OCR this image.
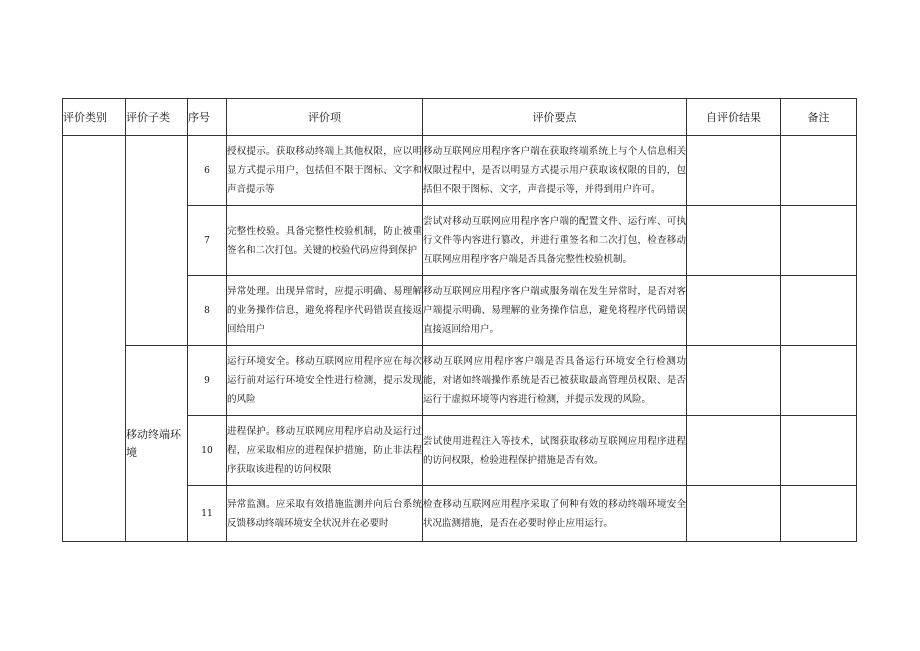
评价类别	评价子类	序号	评价项	评价要点	自评价结果	备注
		6	授权提示。获取移动终端上其他权限，应以明显方式提示用户，包括但不限于图标、文字和声音提示等	移动互联网应用程序客户端在获取终端系统上与个人信息相关权限过程中，是否以明显方式提示用户获取该权限的目的，包括但不限于图标、文字，声音提示等，并得到用户许可。		
		7	完整性校验。具备完整性校验机制，防止被重签名和二次打包。关键的校验代码应得到保护	尝试对移动互联网应用程序客户端的配置文件、运行库、可执行文件等内容进行篡改，并进行重签名和二次打包，检查移动互联网应用程序客户端是否具备完整性校验机制。		
		8	异常处理。出现异常时，应提示明确、易理解的业务操作信息，避免将程序代码错误直接返回给用户	移动互联网应用程序客户端或服务端在发生异常时，是否对客户端提示明确、易理解的业务操作信息，避免将程序代码错误直接返回给用户。		
	移动终端环境	9	运行环境安全。移动互联网应用程序应在每次运行前对运行环境安全性进行检测，提示发现的风险	移动互联网应用程序客户端是否具备运行环境安全行检测功能，对诸如终端操作系统是否已被获取最高管理员权限、是否运行于虚拟环境等内容进行检测，并提示发现的风险。		
		10	进程保护。移动互联网应用程序启动及运行过程，应采取相应的进程保护措施，防止非法程序获取该进程的访问权限	尝试使用进程注入等技术，试图获取移动互联网应用程序进程的访问权限，检验进程保护措施是否有效。		
		11	异常监测。应采取有效措施监测并向后台系统反馈移动终端环境安全状况并在必要时	检查移动互联网应用程序采取了何种有效的移动终端环境安全状况监测措施，是否在必要时停止应用运行。		
